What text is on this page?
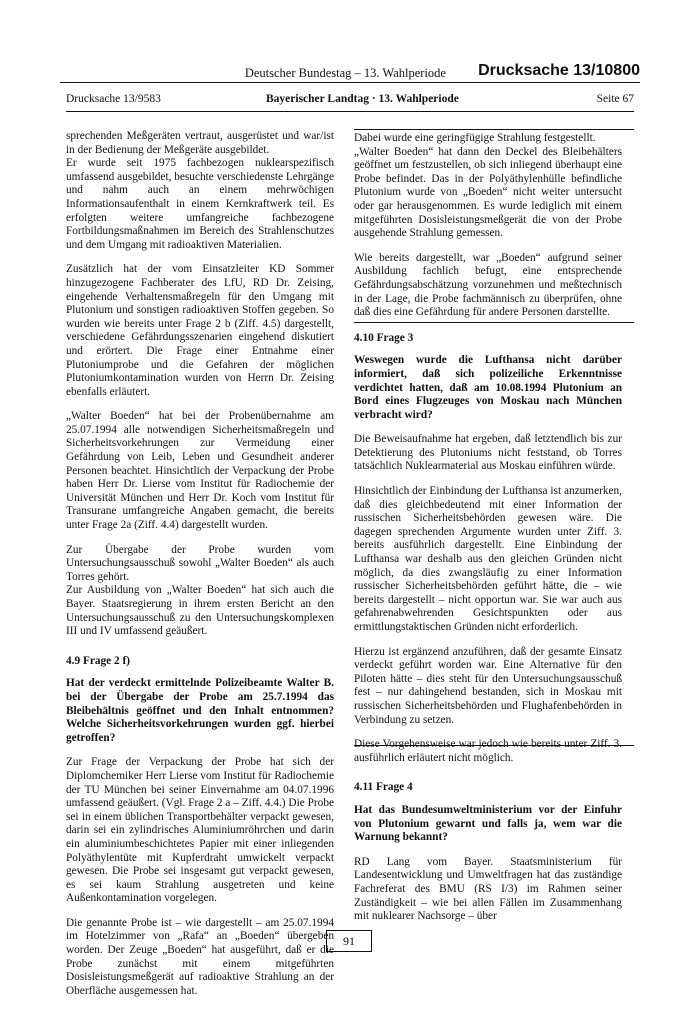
Deutscher Bundestag – 13. Wahlperiode Drucksache 13/10800
Drucksache 13/9583	Bayerischer Landtag · 13. Wahlperiode	Seite 67

sprechenden Meßgeräten vertraut, ausgerüstet und war/ist in der Bedienung der Meßgeräte ausgebildet.

Er wurde seit 1975 fachbezogen nuklearspezifisch umfassend ausgebildet, besuchte verschiedenste Lehrgänge und nahm auch an einem mehrwöchigen Informationsaufenthalt in einem Kernkraftwerk teil. Es erfolgten weitere umfangreiche fachbezogene Fortbildungsmaßnahmen im Bereich des Strahlenschutzes und dem Umgang mit radioaktiven Materialien.

Zusätzlich hat der vom Einsatzleiter KD Sommer hinzugezogene Fachberater des LfU, RD Dr. Zeising, eingehende Verhaltensmaßregeln für den Umgang mit Plutonium und sonstigen radioaktiven Stoffen gegeben. So wurden wie bereits unter Frage 2 b (Ziff. 4.5) dargestellt, verschiedene Gefährdungsszenarien eingehend diskutiert und erörtert. Die Frage einer Entnahme einer Plutoniumprobe und die Gefahren der möglichen Plutoniumkontamination wurden von Herrn Dr. Zeising ebenfalls erläutert.

„Walter Boeden“ hat bei der Probenübernahme am 25.07.1994 alle notwendigen Sicherheitsmaßregeln und Sicherheitsvorkehrungen zur Vermeidung einer Gefährdung von Leib, Leben und Gesundheit anderer Personen beachtet. Hinsichtlich der Verpackung der Probe haben Herr Dr. Lierse vom Institut für Radiochemie der Universität München und Herr Dr. Koch vom Institut für Transurane umfangreiche Angaben gemacht, die bereits unter Frage 2a (Ziff. 4.4) dargestellt wurden.

Zur Übergabe der Probe wurden vom Untersuchungsausschuß sowohl „Walter Boeden“ als auch Torres gehört.

Zur Ausbildung von „Walter Boeden“ hat sich auch die Bayer. Staatsregierung in ihrem ersten Bericht an den Untersuchungsausschuß zu den Untersuchungskomplexen III und IV umfassend geäußert.

4.9 Frage 2 f)

Hat der verdeckt ermittelnde Polizeibeamte Walter B. bei der Übergabe der Probe am 25.7.1994 das Bleibehältnis geöffnet und den Inhalt entnommen? Welche Sicherheitsvorkehrungen wurden ggf. hierbei getroffen?

Zur Frage der Verpackung der Probe hat sich der Diplomchemiker Herr Lierse vom Institut für Radiochemie der TU München bei seiner Einvernahme am 04.07.1996 umfassend geäußert. (Vgl. Frage 2 a – Ziff. 4.4.) Die Probe sei in einem üblichen Transportbehälter verpackt gewesen, darin sei ein zylindrisches Aluminiumröhrchen und darin ein aluminiumbeschichtetes Papier mit einer inliegenden Polyäthylentüte mit Kupferdraht umwickelt verpackt gewesen. Die Probe sei insgesamt gut verpackt gewesen, es sei kaum Strahlung ausgetreten und keine Außenkontamination vorgelegen.

Die genannte Probe ist – wie dargestellt – am 25.07.1994 im Hotelzimmer von „Rafa“ an „Boeden“ übergeben worden. Der Zeuge „Boeden“ hat ausgeführt, daß er die Probe zunächst mit einem mitgeführten Dosisleistungsmeßgerät auf radioaktive Strahlung an der Oberfläche ausgemessen hat.

Dabei wurde eine geringfügige Strahlung festgestellt.

„Walter Boeden“ hat dann den Deckel des Bleibehälters geöffnet um festzustellen, ob sich inliegend überhaupt eine Probe befindet. Das in der Polyäthylenhülle befindliche Plutonium wurde von „Boeden“ nicht weiter untersucht oder gar herausgenommen. Es wurde lediglich mit einem mitgeführten Dosisleistungsmeßgerät die von der Probe ausgehende Strahlung gemessen.

Wie bereits dargestellt, war „Boeden“ aufgrund seiner Ausbildung fachlich befugt, eine entsprechende Gefährdungsabschätzung vorzunehmen und meßtechnisch in der Lage, die Probe fachmännisch zu überprüfen, ohne daß dies eine Gefährdung für andere Personen darstellte.

4.10 Frage 3

Weswegen wurde die Lufthansa nicht darüber informiert, daß sich polizeiliche Erkenntnisse verdichtet hatten, daß am 10.08.1994 Plutonium an Bord eines Flugzeuges von Moskau nach München verbracht wird?

Die Beweisaufnahme hat ergeben, daß letztendlich bis zur Detektierung des Plutoniums nicht feststand, ob Torres tatsächlich Nuklearmaterial aus Moskau einführen würde.

Hinsichtlich der Einbindung der Lufthansa ist anzumerken, daß dies gleichbedeutend mit einer Information der russischen Sicherheitsbehörden gewesen wäre. Die dagegen sprechenden Argumente wurden unter Ziff. 3. bereits ausführlich dargestellt. Eine Einbindung der Lufthansa war deshalb aus den gleichen Gründen nicht möglich, da dies zwangsläufig zu einer Information russischer Sicherheitsbehörden geführt hätte, die – wie bereits dargestellt – nicht opportun war. Sie war auch aus gefahrenabwehrenden Gesichtspunkten oder aus ermittlungstaktischen Gründen nicht erforderlich.

Hierzu ist ergänzend anzuführen, daß der gesamte Einsatz verdeckt geführt worden war. Eine Alternative für den Piloten hätte – dies steht für den Untersuchungsausschuß fest – nur dahingehend bestanden, sich in Moskau mit russischen Sicherheitsbehörden und Flughafenbehörden in Verbindung zu setzen.

Diese Vorgehensweise war jedoch wie bereits unter Ziff. 3. ausführlich erläutert nicht möglich.

4.11 Frage 4

Hat das Bundesumweltministerium vor der Einfuhr von Plutonium gewarnt und falls ja, wem war die Warnung bekannt?

RD Lang vom Bayer. Staatsministerium für Landesentwicklung und Umweltfragen hat das zuständige Fachreferat des BMU (RS I/3) im Rahmen seiner Zuständigkeit – wie bei allen Fällen im Zusammenhang mit nuklearer Nachsorge – über

91
